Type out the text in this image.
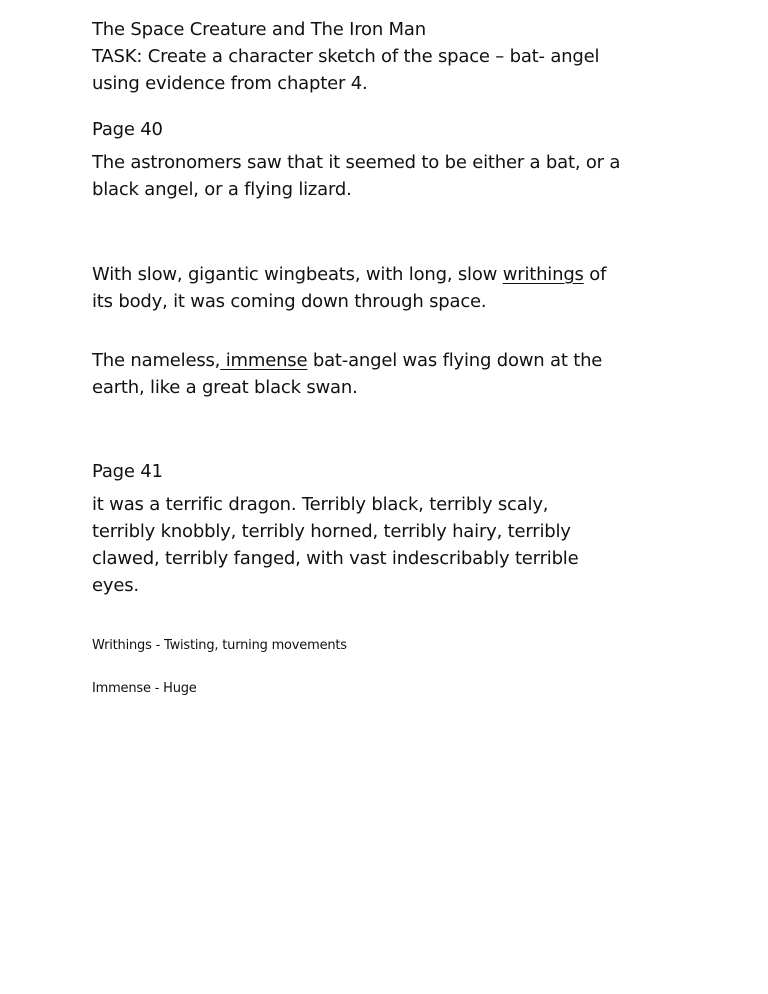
The Space Creature and The Iron Man
TASK: Create a character sketch of the space – bat- angel
using evidence from chapter 4.
Page 40
The astronomers saw that it seemed to be either a bat, or a
black angel, or a flying lizard.
With slow, gigantic wingbeats, with long, slow writhings of
its body, it was coming down through space.
The nameless, immense bat-angel was flying down at the
earth, like a great black swan.
Page 41
it was a terrific dragon. Terribly black, terribly scaly,
terribly knobbly, terribly horned, terribly hairy, terribly
clawed, terribly fanged, with vast indescribably terrible
eyes.
Writhings - Twisting, turning movements
Immense - Huge
